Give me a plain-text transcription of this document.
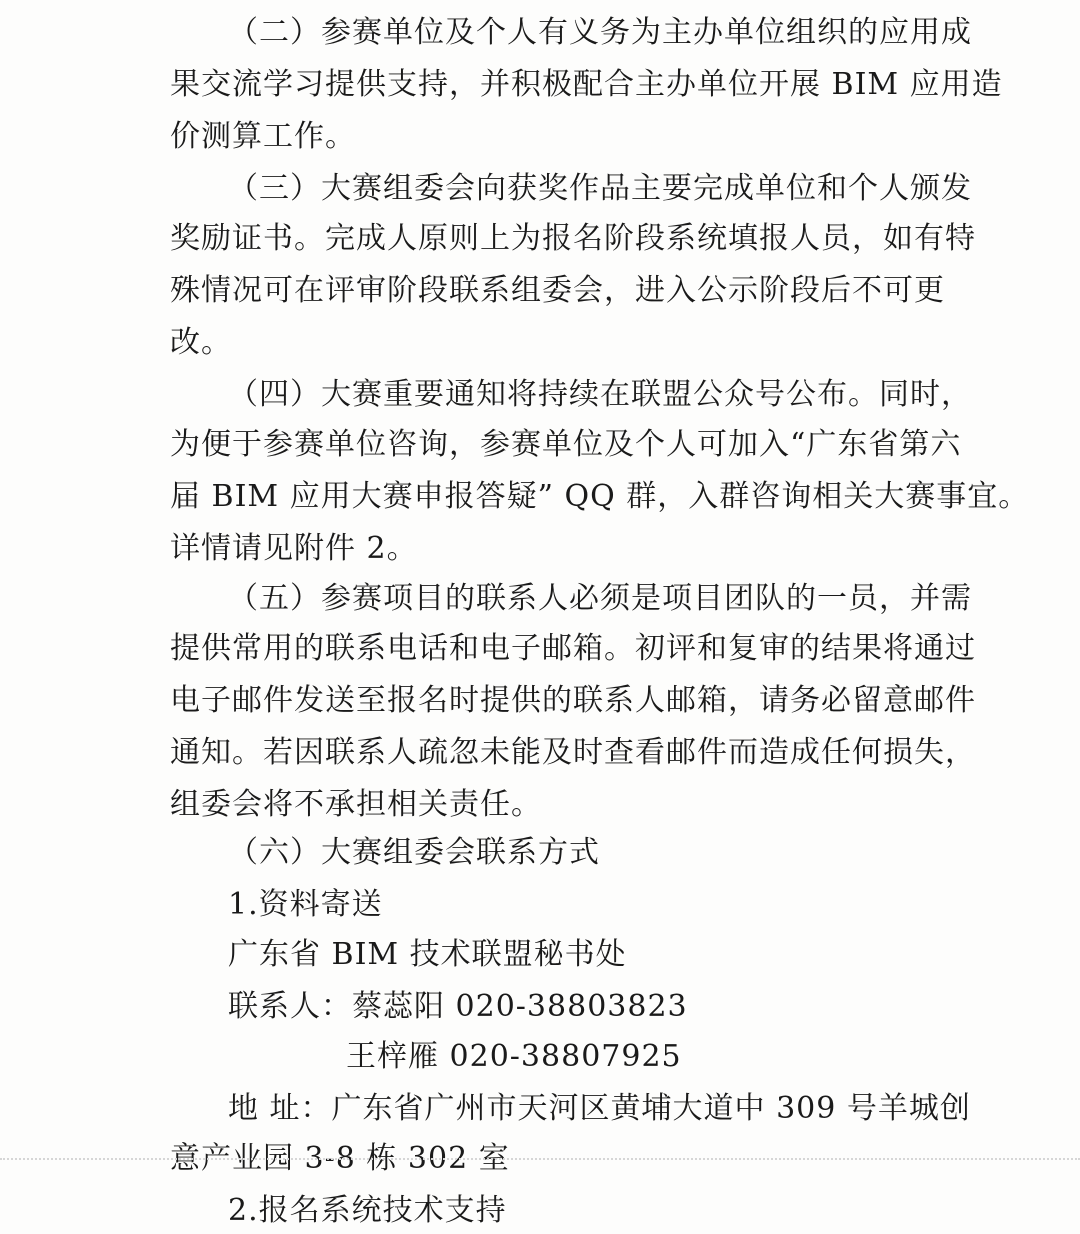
（二）参赛单位及个人有义务为主办单位组织的应用成
果交流学习提供支持，并积极配合主办单位开展 BIM 应用造
价测算工作。
（三）大赛组委会向获奖作品主要完成单位和个人颁发
奖励证书。完成人原则上为报名阶段系统填报人员，如有特
殊情况可在评审阶段联系组委会，进入公示阶段后不可更
改。
（四）大赛重要通知将持续在联盟公众号公布。同时，
为便于参赛单位咨询，参赛单位及个人可加入“广东省第六
届 BIM 应用大赛申报答疑” QQ 群，入群咨询相关大赛事宜。
详情请见附件 2。
（五）参赛项目的联系人必须是项目团队的一员，并需
提供常用的联系电话和电子邮箱。初评和复审的结果将通过
电子邮件发送至报名时提供的联系人邮箱，请务必留意邮件
通知。若因联系人疏忽未能及时查看邮件而造成任何损失，
组委会将不承担相关责任。
（六）大赛组委会联系方式
1.资料寄送
广东省 BIM 技术联盟秘书处
联系人：蔡蕊阳 020-38803823
王梓雁 020-38807925
地 址：广东省广州市天河区黄埔大道中 309 号羊城创
意产业园 3-8 栋 302 室
2.报名系统技术支持
